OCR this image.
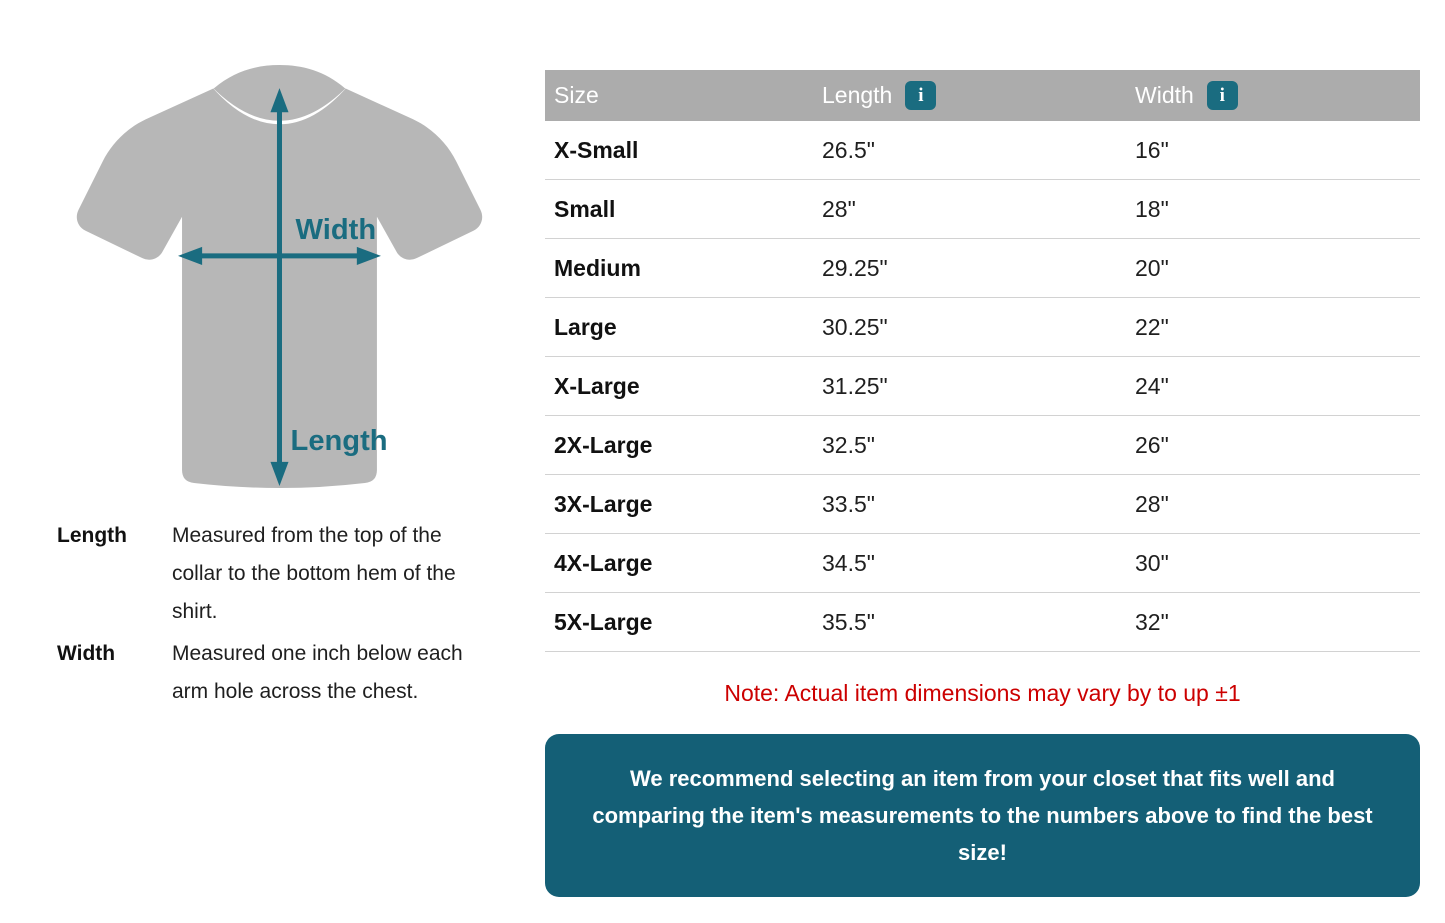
Width
Length
Length	Measured from the top of the collar to the bottom hem of the shirt.
Width	Measured one inch below each arm hole across the chest.
Size	Length	i	Width	i
X-Small	26.5"	16"
Small	28"	18"
Medium	29.25"	20"
Large	30.25"	22"
X-Large	31.25"	24"
2X-Large	32.5"	26"
3X-Large	33.5"	28"
4X-Large	34.5"	30"
5X-Large	35.5"	32"
Note: Actual item dimensions may vary by to up ±1

We recommend selecting an item from your closet that fits well and comparing the item's measurements to the numbers above to find the best size!
